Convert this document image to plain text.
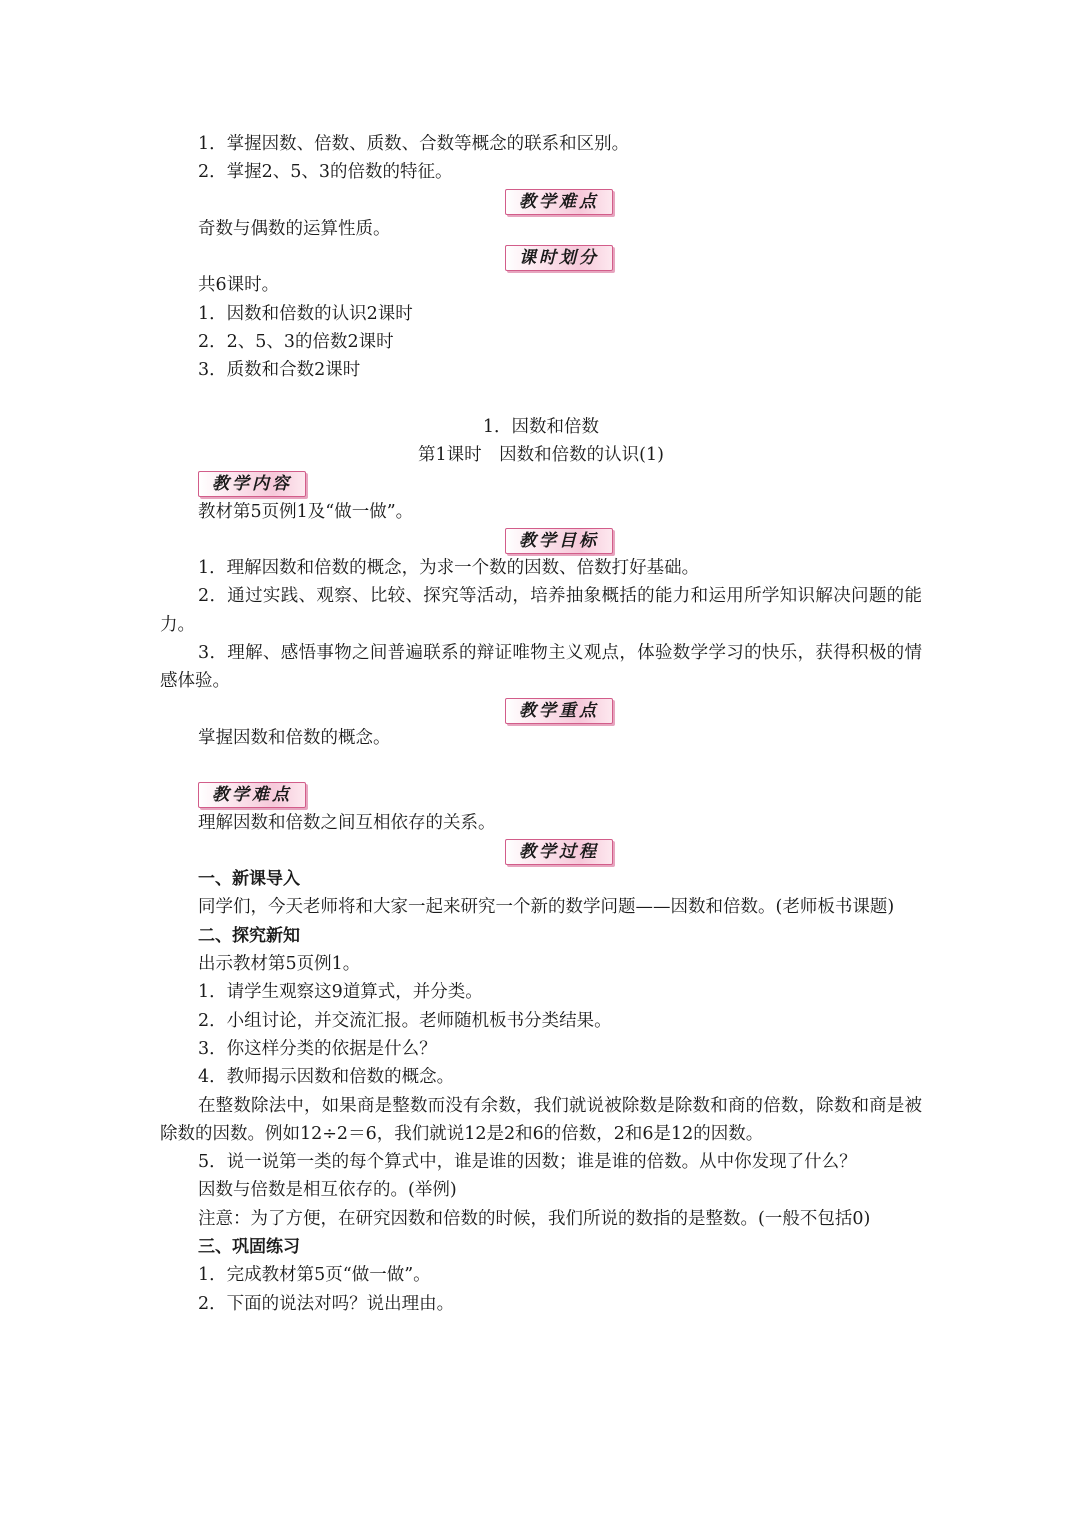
1．掌握因数、倍数、质数、合数等概念的联系和区别。
2．掌握2、5、3的倍数的特征。
教学难点
奇数与偶数的运算性质。
课时划分
共6课时。
1．因数和倍数的认识2课时
2．2、5、3的倍数2课时
3．质数和合数2课时
1．因数和倍数
第1课时　因数和倍数的认识(1)
教学内容
教材第5页例1及“做一做”。
教学目标
1．理解因数和倍数的概念，为求一个数的因数、倍数打好基础。
2．通过实践、观察、比较、探究等活动，培养抽象概括的能力和运用所学知识解决问题的能力。
3．理解、感悟事物之间普遍联系的辩证唯物主义观点，体验数学学习的快乐，获得积极的情感体验。
教学重点
掌握因数和倍数的概念。
教学难点
理解因数和倍数之间互相依存的关系。
教学过程
一、新课导入
同学们，今天老师将和大家一起来研究一个新的数学问题——因数和倍数。(老师板书课题)
二、探究新知
出示教材第5页例1。
1．请学生观察这9道算式，并分类。
2．小组讨论，并交流汇报。老师随机板书分类结果。
3．你这样分类的依据是什么？
4．教师揭示因数和倍数的概念。
在整数除法中，如果商是整数而没有余数，我们就说被除数是除数和商的倍数，除数和商是被除数的因数。例如12÷2＝6，我们就说12是2和6的倍数，2和6是12的因数。
5．说一说第一类的每个算式中，谁是谁的因数；谁是谁的倍数。从中你发现了什么？
因数与倍数是相互依存的。(举例)
注意：为了方便，在研究因数和倍数的时候，我们所说的数指的是整数。(一般不包括0)
三、巩固练习
1．完成教材第5页“做一做”。
2．下面的说法对吗？说出理由。
